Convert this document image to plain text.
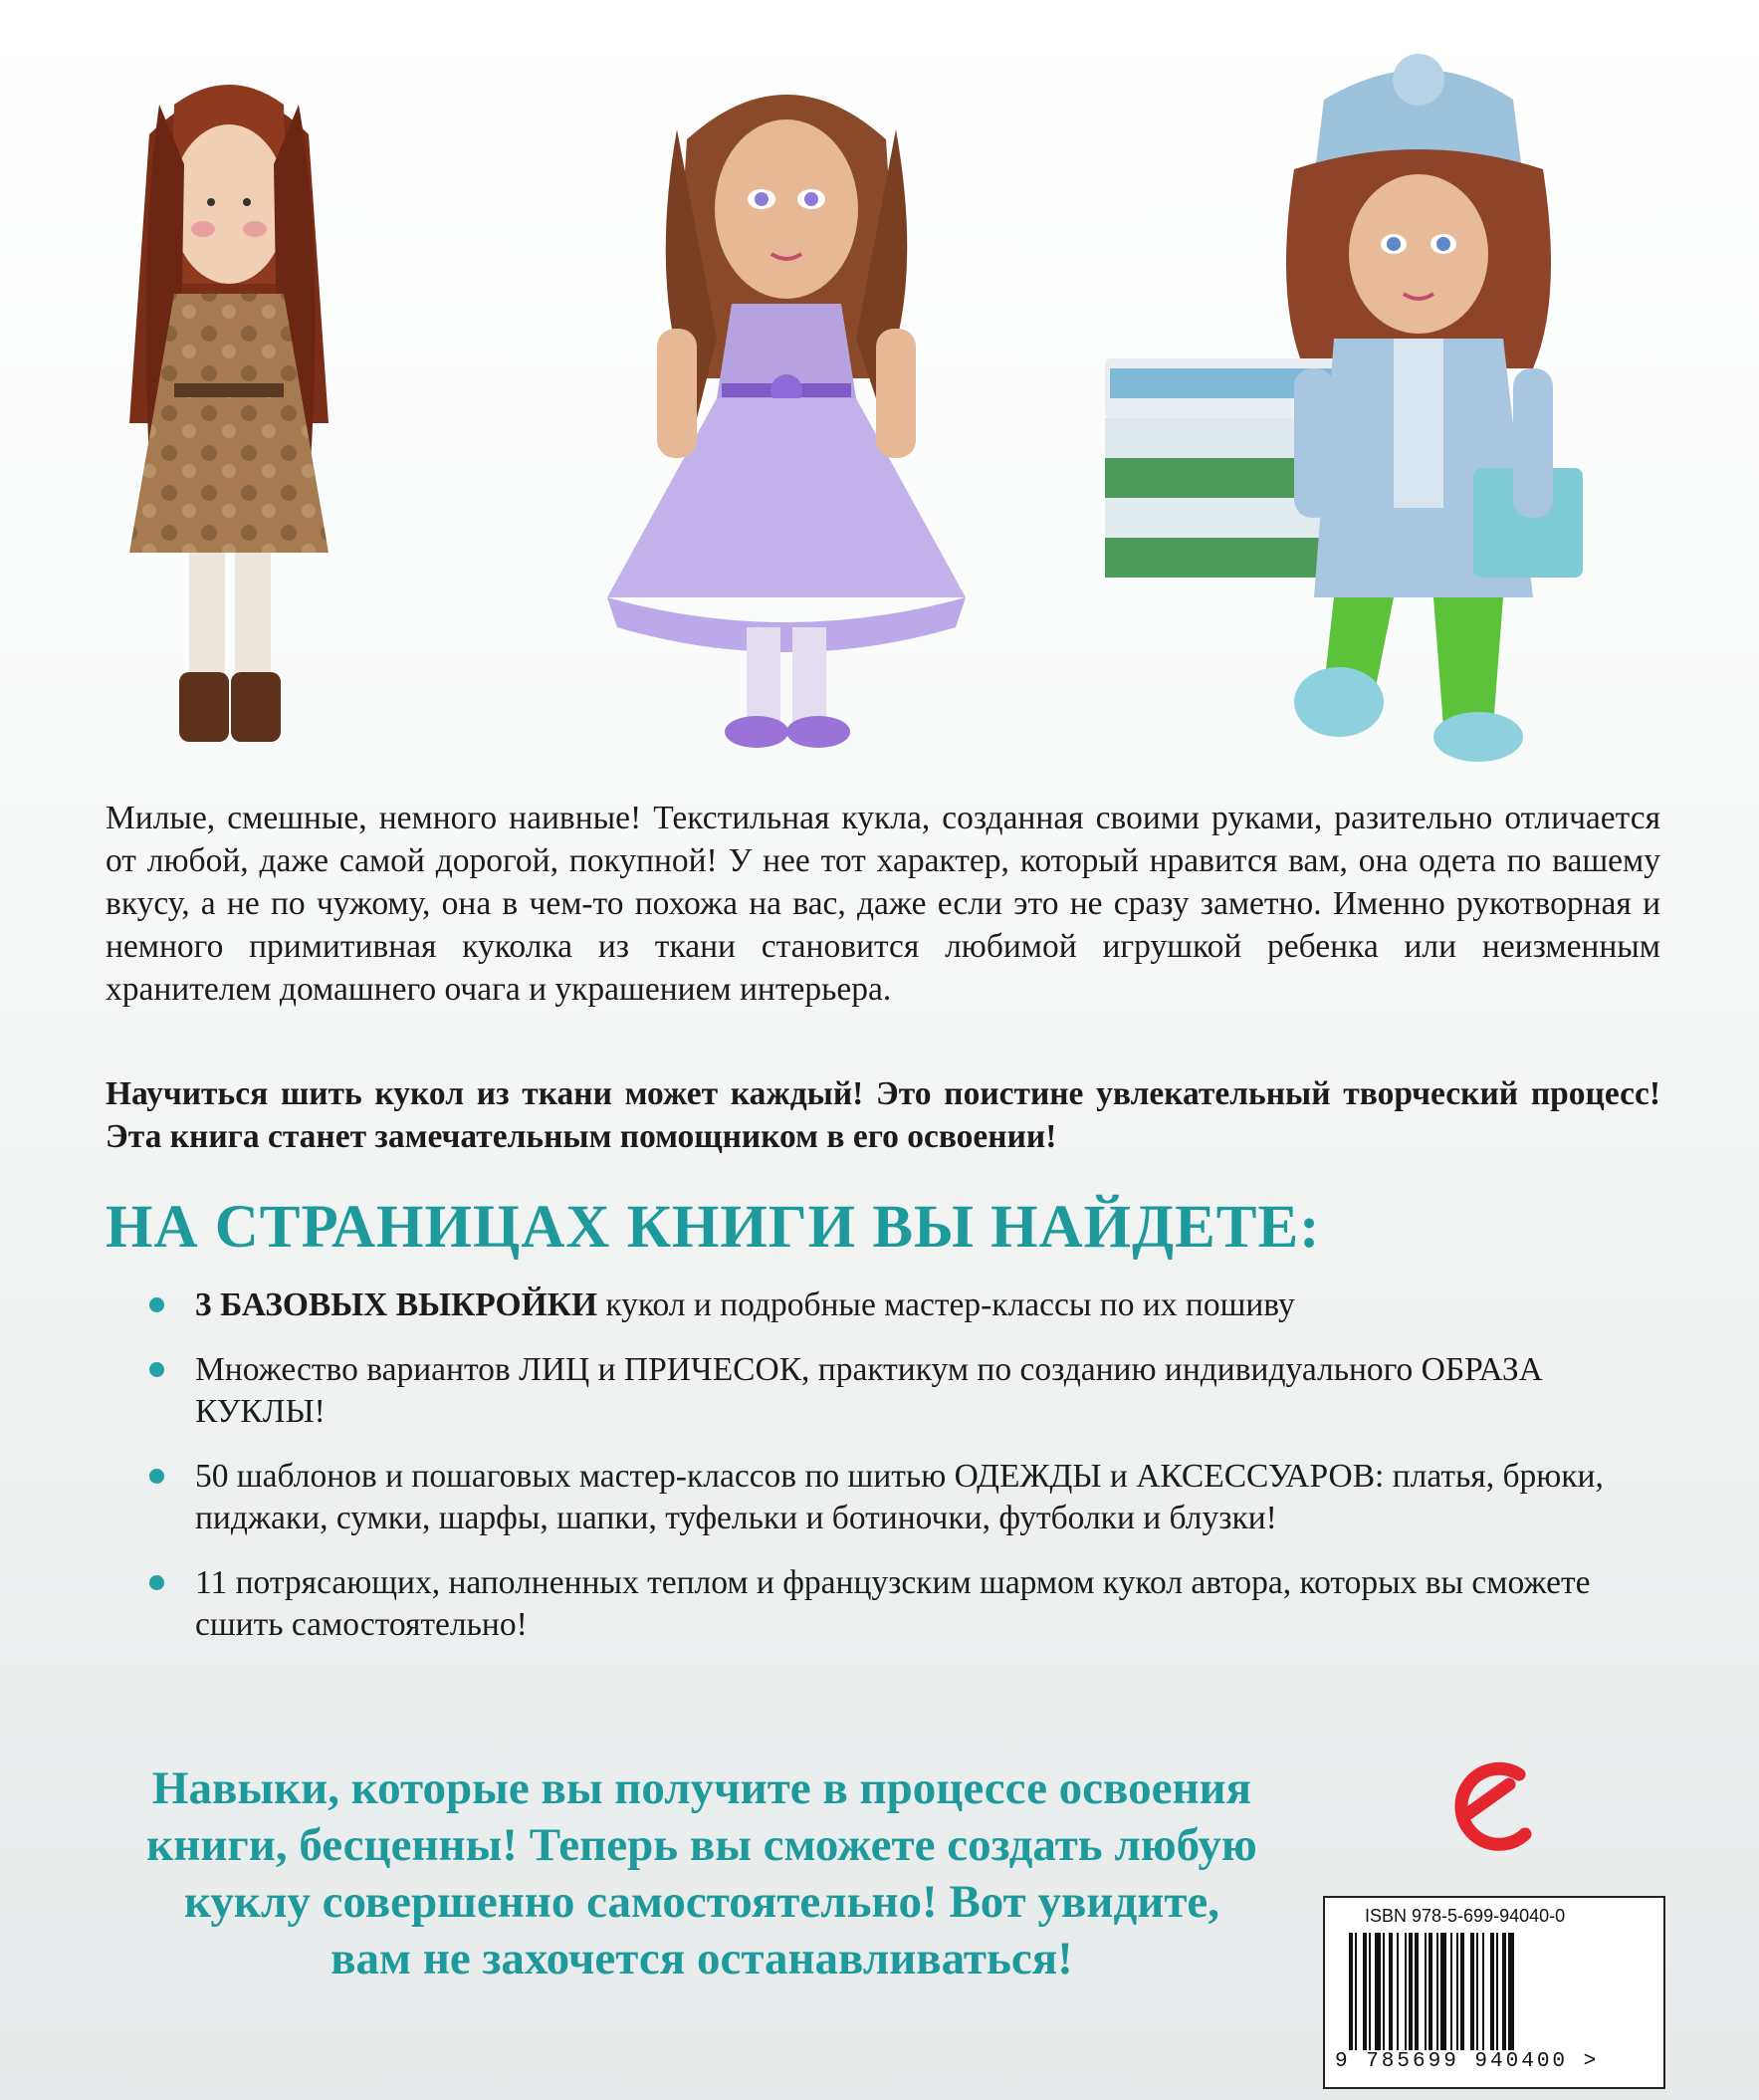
Милые, смешные, немного наивные! Текстильная кукла, созданная своими руками, разительно отличается от любой, даже самой дорогой, покупной! У нее тот характер, который нравится вам, она одета по вашему вкусу, а не по чужому, она в чем-то похожа на вас, даже если это не сразу заметно. Именно рукотворная и немного примитивная куколка из ткани становится любимой игрушкой ребенка или неизменным хранителем домашнего очага и украшением интерьера.

Научиться шить кукол из ткани может каждый! Это поистине увлекательный творческий процесс! Эта книга станет замечательным помощником в его освоении!

НА СТРАНИЦАХ КНИГИ ВЫ НАЙДЕТЕ:
3 БАЗОВЫХ ВЫКРОЙКИ кукол и подробные мастер-классы по их пошиву
Множество вариантов ЛИЦ и ПРИЧЕСОК, практикум по созданию индивидуального ОБРАЗА КУКЛЫ!
50 шаблонов и пошаговых мастер-классов по шитью ОДЕЖДЫ и АКСЕССУАРОВ: платья, брюки, пиджаки, сумки, шарфы, шапки, туфельки и ботиночки, футболки и блузки!
11 потрясающих, наполненных теплом и французским шармом кукол автора, которых вы сможете сшить самостоятельно!

Навыки, которые вы получите в процессе освоения книги, бесценны! Теперь вы сможете создать любую куклу совершенно самостоятельно! Вот увидите, вам не захочется останавливаться!

ISBN 978-5-699-94040-0
9 785699 940400 >
